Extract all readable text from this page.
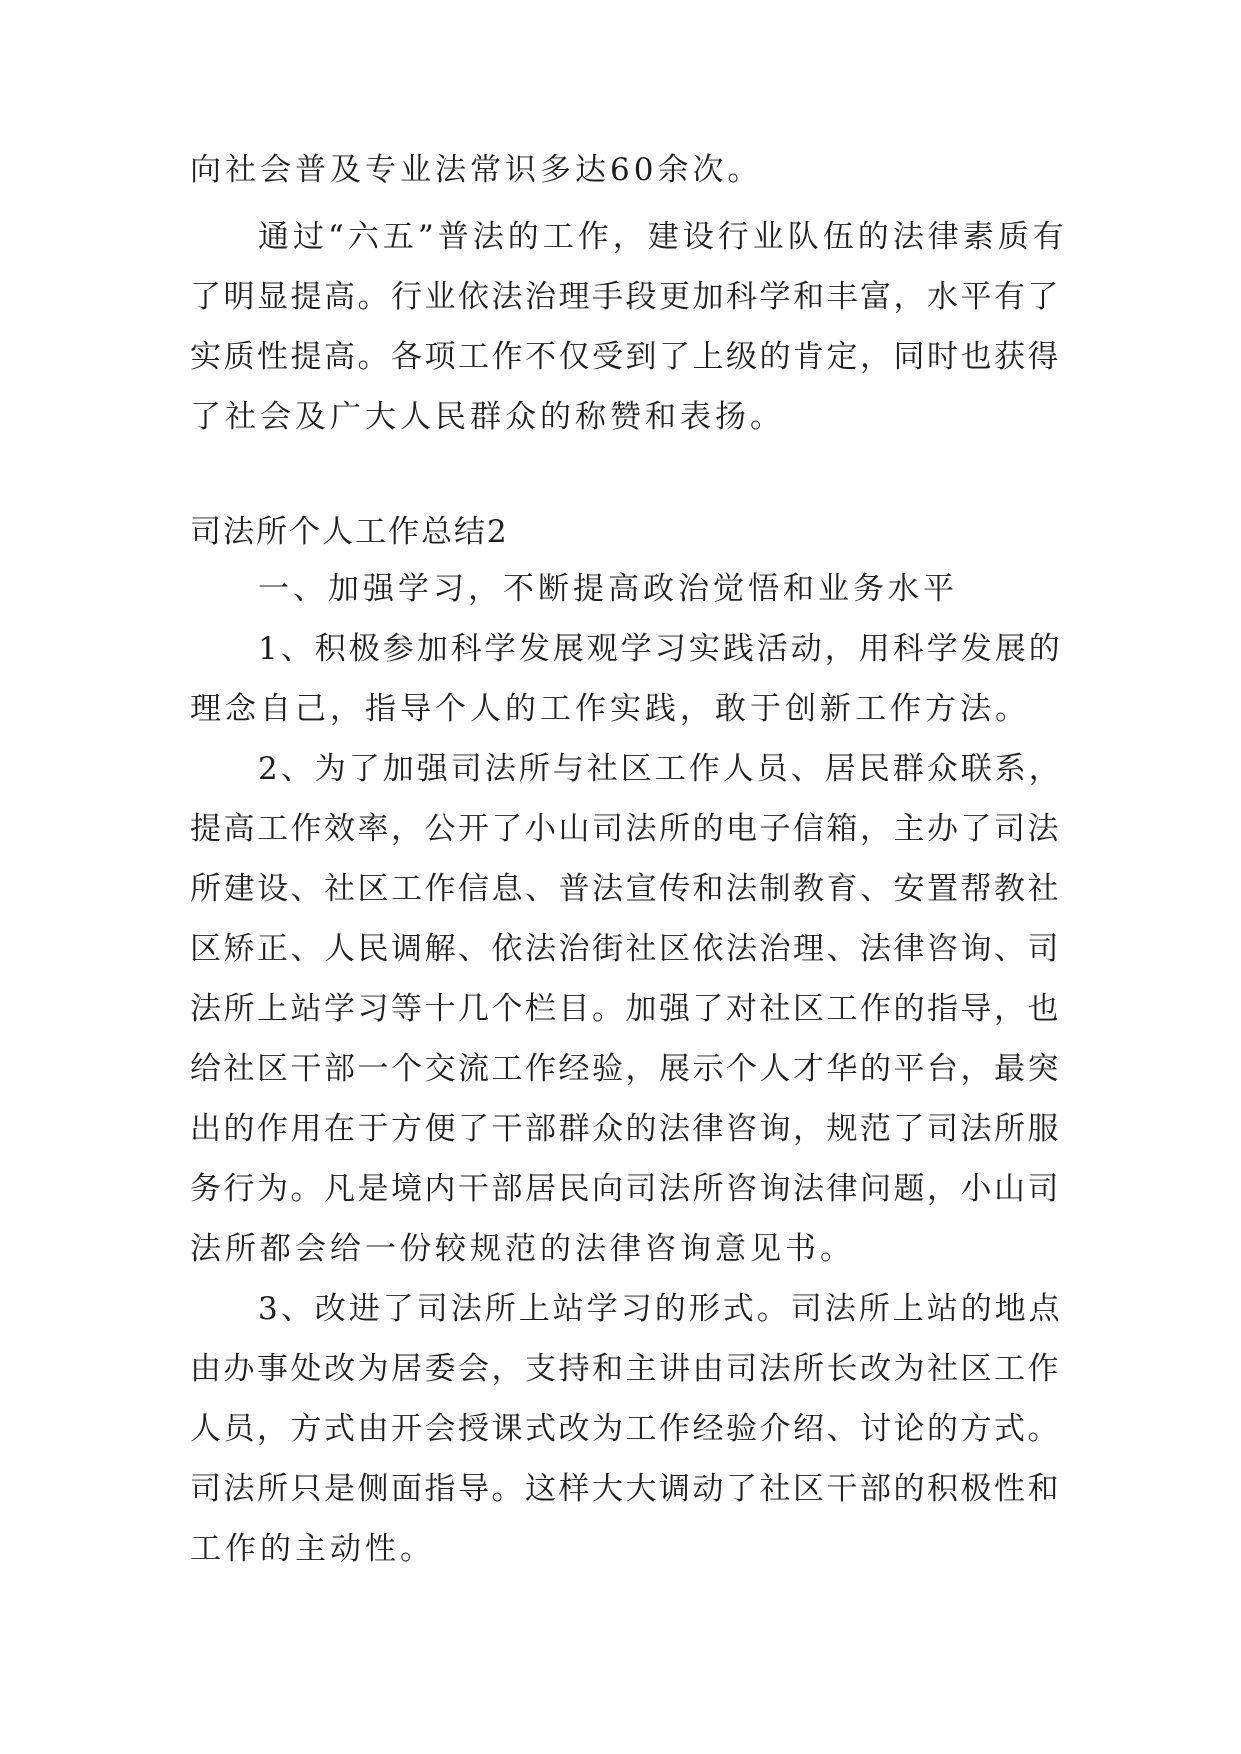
向社会普及专业法常识多达60余次。
通过“六五”普法的工作，建设行业队伍的法律素质有
了明显提高。行业依法治理手段更加科学和丰富，水平有了
实质性提高。各项工作不仅受到了上级的肯定，同时也获得
了社会及广大人民群众的称赞和表扬。
司法所个人工作总结2
一、加强学习，不断提高政治觉悟和业务水平
1、积极参加科学发展观学习实践活动，用科学发展的
理念自己，指导个人的工作实践，敢于创新工作方法。
2、为了加强司法所与社区工作人员、居民群众联系，
提高工作效率，公开了小山司法所的电子信箱，主办了司法
所建设、社区工作信息、普法宣传和法制教育、安置帮教社
区矫正、人民调解、依法治街社区依法治理、法律咨询、司
法所上站学习等十几个栏目。加强了对社区工作的指导，也
给社区干部一个交流工作经验，展示个人才华的平台，最突
出的作用在于方便了干部群众的法律咨询，规范了司法所服
务行为。凡是境内干部居民向司法所咨询法律问题，小山司
法所都会给一份较规范的法律咨询意见书。
3、改进了司法所上站学习的形式。司法所上站的地点
由办事处改为居委会，支持和主讲由司法所长改为社区工作
人员，方式由开会授课式改为工作经验介绍、讨论的方式。
司法所只是侧面指导。这样大大调动了社区干部的积极性和
工作的主动性。
